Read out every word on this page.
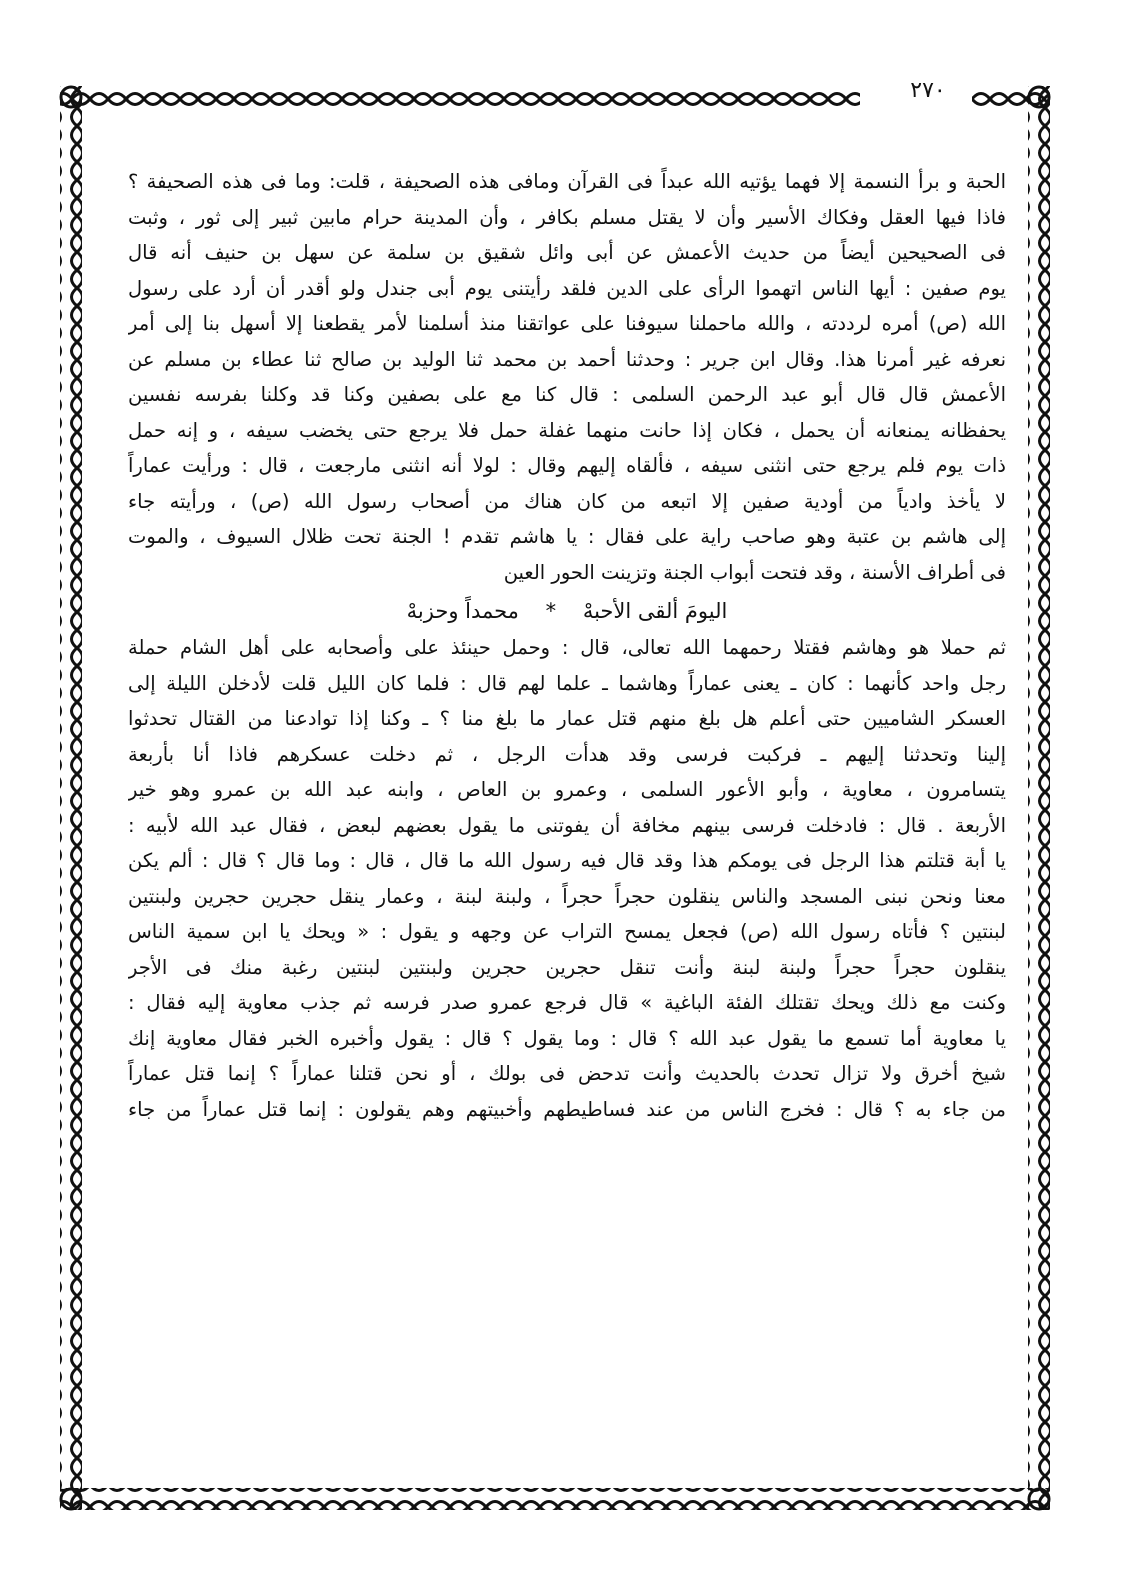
٢٧٠
الحبة و برأ النسمة إلا فهما يؤتيه الله عبداً فى القرآن ومافى هذه الصحيفة ، قلت: وما فى هذه الصحيفة ؟
فاذا فيها العقل وفكاك الأسير وأن لا يقتل مسلم بكافر ، وأن المدينة حرام مابين ثبير إلى ثور ، وثبت
فى الصحيحين أيضاً من حديث الأعمش عن أبى وائل شقيق بن سلمة عن سهل بن حنيف أنه قال
يوم صفين : أيها الناس اتهموا الرأى على الدين فلقد رأيتنى يوم أبى جندل ولو أقدر أن أرد على رسول
الله (ص) أمره لرددته ، والله ماحملنا سيوفنا على عواتقنا منذ أسلمنا لأمر يقطعنا إلا أسهل بنا إلى أمر
نعرفه غير أمرنا هذا. وقال ابن جرير : وحدثنا أحمد بن محمد ثنا الوليد بن صالح ثنا عطاء بن مسلم عن
الأعمش قال قال أبو عبد الرحمن السلمى : قال كنا مع على بصفين وكنا قد وكلنا بفرسه نفسين
يحفظانه يمنعانه أن يحمل ، فكان إذا حانت منهما غفلة حمل فلا يرجع حتى يخضب سيفه ، و إنه حمل
ذات يوم فلم يرجع حتى انثنى سيفه ، فألقاه إليهم وقال : لولا أنه انثنى مارجعت ، قال : ورأيت عماراً
لا يأخذ وادياً من أودية صفين إلا اتبعه من كان هناك من أصحاب رسول الله (ص) ، ورأيته جاء
إلى هاشم بن عتبة وهو صاحب راية على فقال : يا هاشم تقدم ! الجنة تحت ظلال السيوف ، والموت
فى أطراف الأسنة ، وقد فتحت أبواب الجنة وتزينت الحور العين
اليومَ ألقى الأحبهْ * محمداً وحزبهْ
ثم حملا هو وهاشم فقتلا رحمهما الله تعالى، قال : وحمل حينئذ على وأصحابه على أهل الشام حملة
رجل واحد كأنهما : كان ـ يعنى عماراً وهاشما ـ علما لهم قال : فلما كان الليل قلت لأدخلن الليلة إلى
العسكر الشاميين حتى أعلم هل بلغ منهم قتل عمار ما بلغ منا ؟ ـ وكنا إذا توادعنا من القتال تحدثوا
إلينا وتحدثنا إليهم ـ فركبت فرسى وقد هدأت الرجل ، ثم دخلت عسكرهم فاذا أنا بأربعة
يتسامرون ، معاوية ، وأبو الأعور السلمى ، وعمرو بن العاص ، وابنه عبد الله بن عمرو وهو خير
الأربعة . قال : فادخلت فرسى بينهم مخافة أن يفوتنى ما يقول بعضهم لبعض ، فقال عبد الله لأبيه :
يا أبة قتلتم هذا الرجل فى يومكم هذا وقد قال فيه رسول الله ما قال ، قال : وما قال ؟ قال : ألم يكن
معنا ونحن نبنى المسجد والناس ينقلون حجراً حجراً ، ولبنة لبنة ، وعمار ينقل حجرين حجرين ولبنتين
لبنتين ؟ فأتاه رسول الله (ص) فجعل يمسح التراب عن وجهه و يقول : « ويحك يا ابن سمية الناس
ينقلون حجراً حجراً ولبنة لبنة وأنت تنقل حجرين حجرين ولبنتين لبنتين رغبة منك فى الأجر
وكنت مع ذلك ويحك تقتلك الفئة الباغية » قال فرجع عمرو صدر فرسه ثم جذب معاوية إليه فقال :
يا معاوية أما تسمع ما يقول عبد الله ؟ قال : وما يقول ؟ قال : يقول وأخبره الخبر فقال معاوية إنك
شيخ أخرق ولا تزال تحدث بالحديث وأنت تدحض فى بولك ، أو نحن قتلنا عماراً ؟ إنما قتل عماراً
من جاء به ؟ قال : فخرج الناس من عند فساطيطهم وأخبيتهم وهم يقولون : إنما قتل عماراً من جاء
